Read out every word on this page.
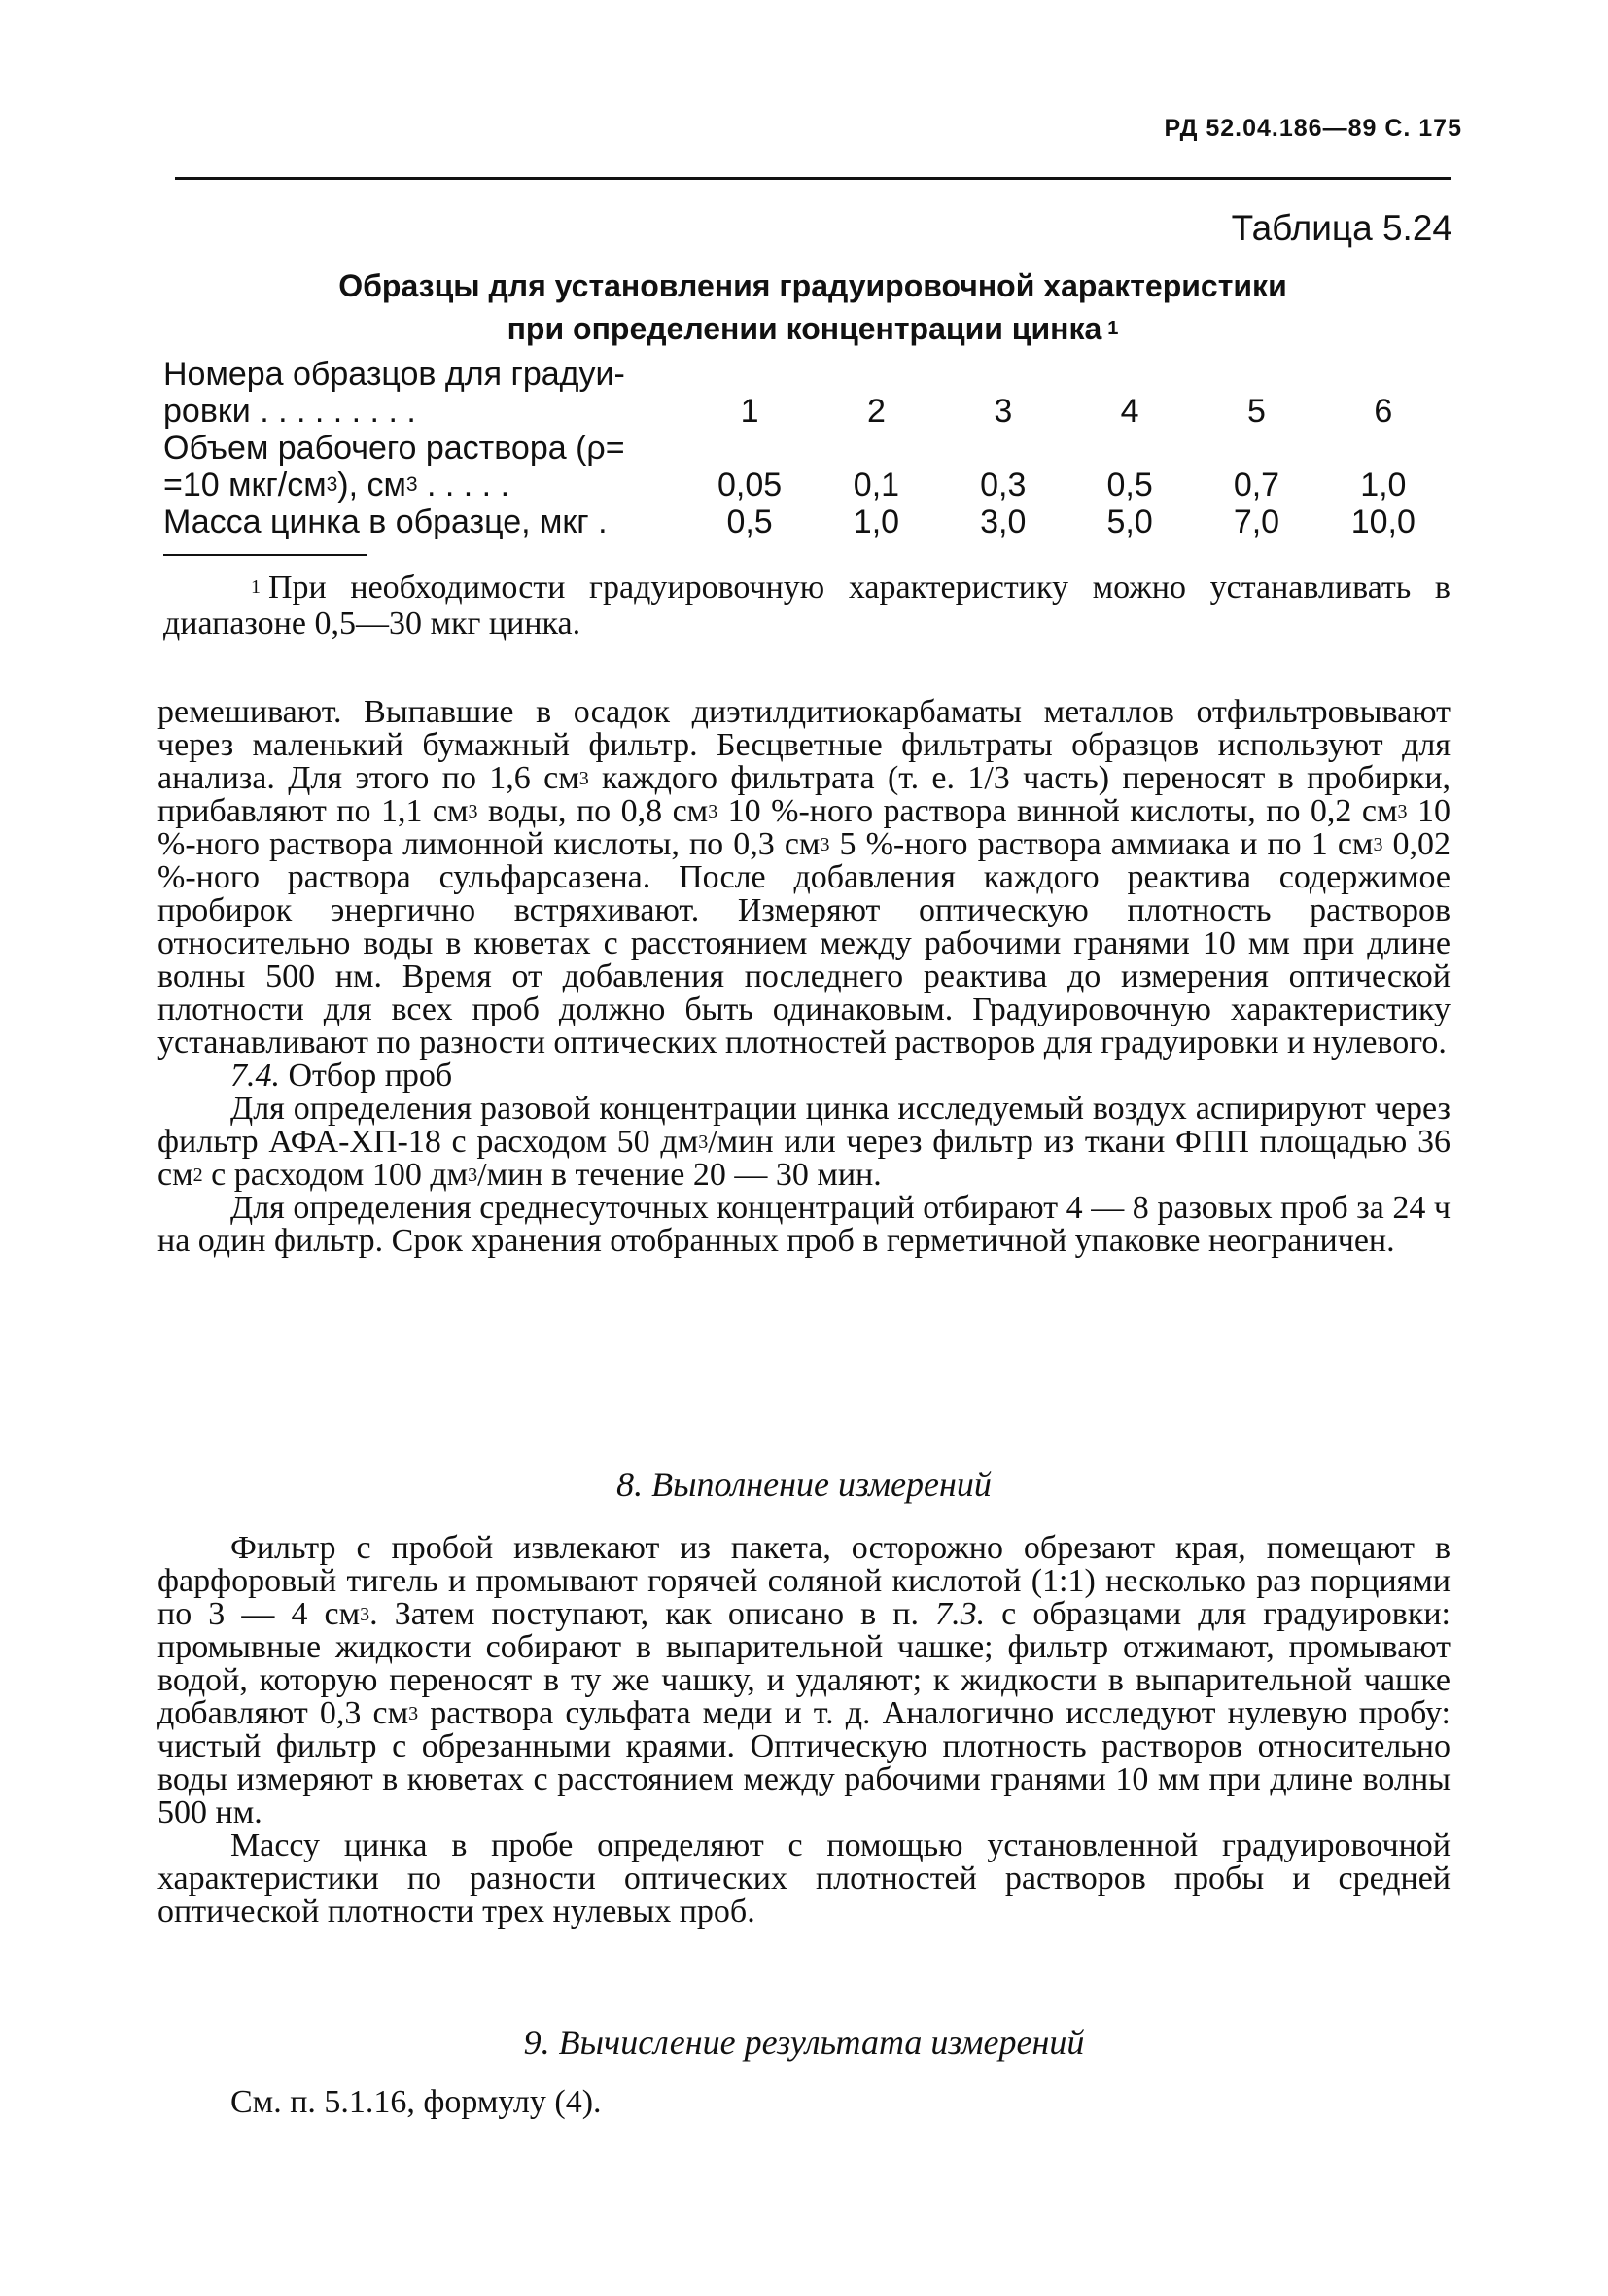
РД 52.04.186—89 С. 175
Таблица 5.24
Образцы для установления градуировочной характеристики
при определении концентрации цинка $^1$
Номера образцов для градуи-
ровки . . . . . . . . .	1	2	3	4	5	6

Объем рабочего раствора (ρ=
=10 мкг/$см^3$), $см^3$ . . . . .	0,05	0,1	0,3	0,5	0,7	1,0
Масса цинка в образце, мкг .	0,5	1,0	3,0	5,0	7,0	10,0
$^1$ При необходимости градуировочную характеристику можно устанавливать в диапазоне 0,5—30 мкг цинка.

ремешивают. Выпавшие в осадок диэтилдитиокарбаматы металлов отфильтровывают через маленький бумажный фильтр. Бесцветные фильтраты образцов используют для анализа. Для этого по 1,6 $см^3$ каждого фильтрата (т. е. 1/3 часть) переносят в пробирки, прибавляют по 1,1 $см^3$ воды, по 0,8 $см^3$ 10 %-ного раствора винной кислоты, по 0,2 $см^3$ 10 %-ного раствора лимонной кислоты, по 0,3 $см^3$ 5 %-ного раствора аммиака и по 1 $см^3$ 0,02 %-ного раствора сульфарсазена. После добавления каждого реактива содержимое пробирок энергично встряхивают. Измеряют оптическую плотность растворов относительно воды в кюветах с расстоянием между рабочими гранями 10 мм при длине волны 500 нм. Время от добавления последнего реактива до измерения оптической плотности для всех проб должно быть одинаковым. Градуировочную характеристику устанавливают по разности оптических плотностей растворов для градуировки и нулевого.

7.4. Отбор проб

Для определения разовой концентрации цинка исследуемый воздух аспирируют через фильтр АФА-ХП-18 с расходом 50 $дм^3$/мин или через фильтр из ткани ФПП площадью 36 $см^2$ с расходом 100 $дм^3$/мин в течение 20 — 30 мин.

Для определения среднесуточных концентраций отбирают 4 — 8 разовых проб за 24 ч на один фильтр. Срок хранения отобранных проб в герметичной упаковке неограничен.

8. Выполнение измерений

Фильтр с пробой извлекают из пакета, осторожно обрезают края, помещают в фарфоровый тигель и промывают горячей соляной кислотой (1:1) несколько раз порциями по 3 — 4 $см^3$. Затем поступают, как описано в п. 7.3. с образцами для градуировки: промывные жидкости собирают в выпарительной чашке; фильтр отжимают, промывают водой, которую переносят в ту же чашку, и удаляют; к жидкости в выпарительной чашке добавляют 0,3 $см^3$ раствора сульфата меди и т. д. Аналогично исследуют нулевую пробу: чистый фильтр с обрезанными краями. Оптическую плотность растворов относительно воды измеряют в кюветах с расстоянием между рабочими гранями 10 мм при длине волны 500 нм.

Массу цинка в пробе определяют с помощью установленной градуировочной характеристики по разности оптических плотностей растворов пробы и средней оптической плотности трех нулевых проб.

9. Вычисление результата измерений

См. п. 5.1.16, формулу (4).
